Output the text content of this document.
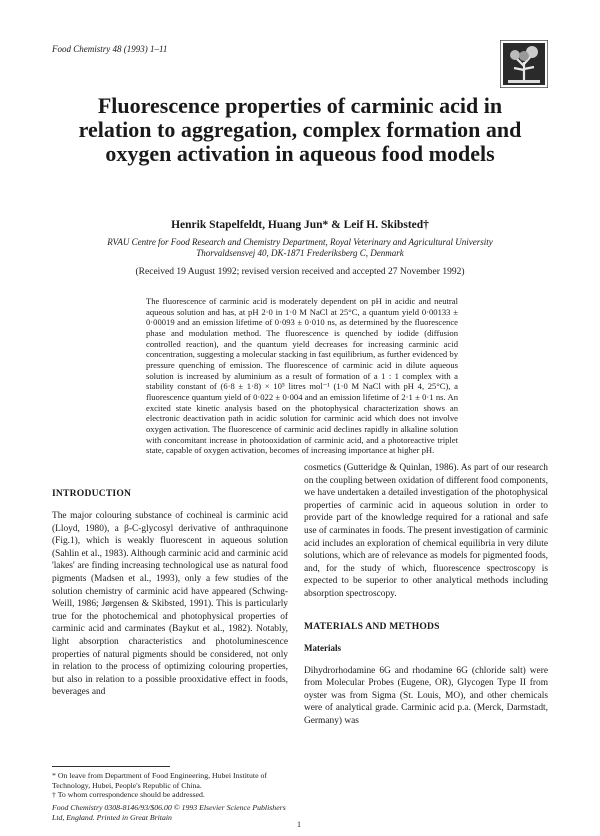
Food Chemistry 48 (1993) 1–11
Fluorescence properties of carminic acid in relation to aggregation, complex formation and oxygen activation in aqueous food models
Henrik Stapelfeldt, Huang Jun* & Leif H. Skibsted†
RVAU Centre for Food Research and Chemistry Department, Royal Veterinary and Agricultural University Thorvaldsensvej 40, DK-1871 Frederiksberg C, Denmark
(Received 19 August 1992; revised version received and accepted 27 November 1992)

The fluorescence of carminic acid is moderately dependent on pH in acidic and neutral aqueous solution and has, at pH 2·0 in 1·0 M NaCl at 25°C, a quantum yield 0·00133 ± 0·00019 and an emission lifetime of 0·093 ± 0·010 ns, as determined by the fluorescence phase and modulation method. The fluorescence is quenched by iodide (diffusion controlled reaction), and the quantum yield decreases for increasing carminic acid concentration, suggesting a molecular stacking in fast equilibrium, as further evidenced by pressure quenching of emission. The fluorescence of carminic acid in dilute aqueous solution is increased by aluminium as a result of formation of a 1 : 1 complex with a stability constant of (6·8 ± 1·8) × 10⁵ litres mol⁻¹ (1·0 M NaCl with pH 4, 25°C), a fluorescence quantum yield of 0·022 ± 0·004 and an emission lifetime of 2·1 ± 0·1 ns. An excited state kinetic analysis based on the photophysical characterization shows an electronic deactivation path in acidic solution for carminic acid which does not involve oxygen activation. The fluorescence of carminic acid declines rapidly in alkaline solution with concomitant increase in photooxidation of carminic acid, and a photoreactive triplet state, capable of oxygen activation, becomes of increasing importance at higher pH.

INTRODUCTION

The major colouring substance of cochineal is carminic acid (Lloyd, 1980), a β-C-glycosyl derivative of anthraquinone (Fig.1), which is weakly fluorescent in aqueous solution (Sahlin et al., 1983). Although carminic acid and carminic acid 'lakes' are finding increasing technological use as natural food pigments (Madsen et al., 1993), only a few studies of the solution chemistry of carminic acid have appeared (Schwing-Weill, 1986; Jørgensen & Skibsted, 1991). This is particularly true for the photochemical and photophysical properties of carminic acid and carminates (Baykut et al., 1982). Notably, light absorption characteristics and photoluminescence properties of natural pigments should be considered, not only in relation to the process of optimizing colouring properties, but also in relation to a possible prooxidative effect in foods, beverages and

cosmetics (Gutteridge & Quinlan, 1986). As part of our research on the coupling between oxidation of different food components, we have undertaken a detailed investigation of the photophysical properties of carminic acid in aqueous solution in order to provide part of the knowledge required for a rational and safe use of carminates in foods. The present investigation of carminic acid includes an exploration of chemical equilibria in very dilute solutions, which are of relevance as models for pigmented foods, and, for the study of which, fluorescence spectroscopy is expected to be superior to other analytical methods including absorption spectroscopy.

MATERIALS AND METHODS
Materials

Dihydrorhodamine 6G and rhodamine 6G (chloride salt) were from Molecular Probes (Eugene, OR), Glycogen Type II from oyster was from Sigma (St. Louis, MO), and other chemicals were of analytical grade. Carminic acid p.a. (Merck, Darmstadt, Germany) was

* On leave from Department of Food Engineering, Hubei Institute of Technology, Hubei, People's Republic of China.

† To whom correspondence should be addressed.

Food Chemistry 0308-8146/93/$06.00 © 1993 Elsevier Science Publishers Ltd, England. Printed in Great Britain

1
